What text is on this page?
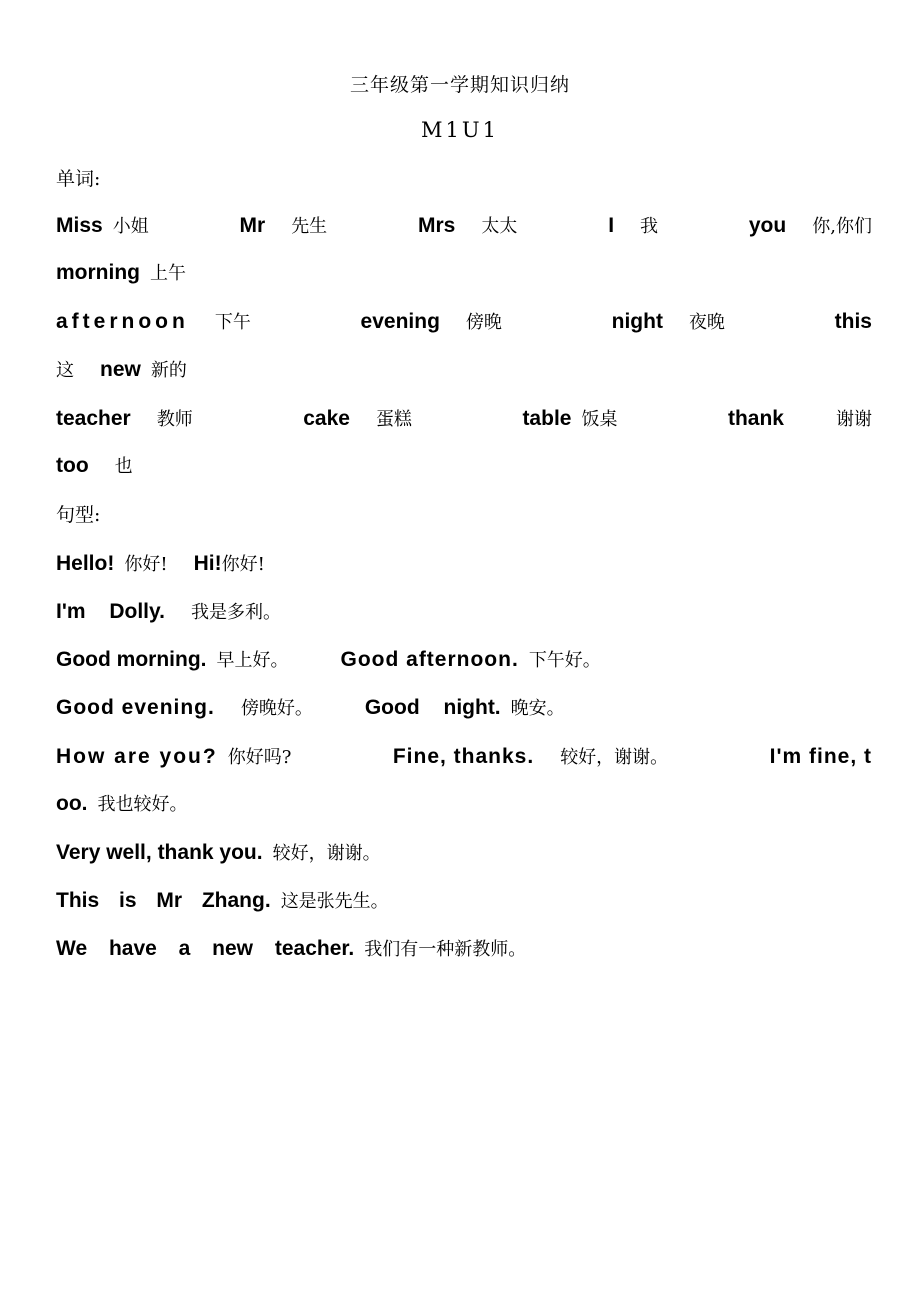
三年级第一学期知识归纳
M1U1
单词:
Miss 小姐	Mr 先生	Mrs 太太	I 我	you 你,你们
morning 上午
afternoon 下午	evening 傍晚	night 夜晚	this
这 new 新的
teacher 教师	cake 蛋糕	table 饭桌	thank	谢谢
too 也
句型:
Hello! 你好! Hi!你好!
I'm Dolly. 我是多利。
Good morning. 早上好。 Good afternoon. 下午好。
Good evening. 傍晚好。 Good night. 晚安。
How are you? 你好吗?	Fine, thanks. 较好，谢谢。	I'm fine, t
oo. 我也较好。
Very well, thank you. 较好，谢谢。
This is Mr Zhang. 这是张先生。
We have a new teacher. 我们有一种新教师。
